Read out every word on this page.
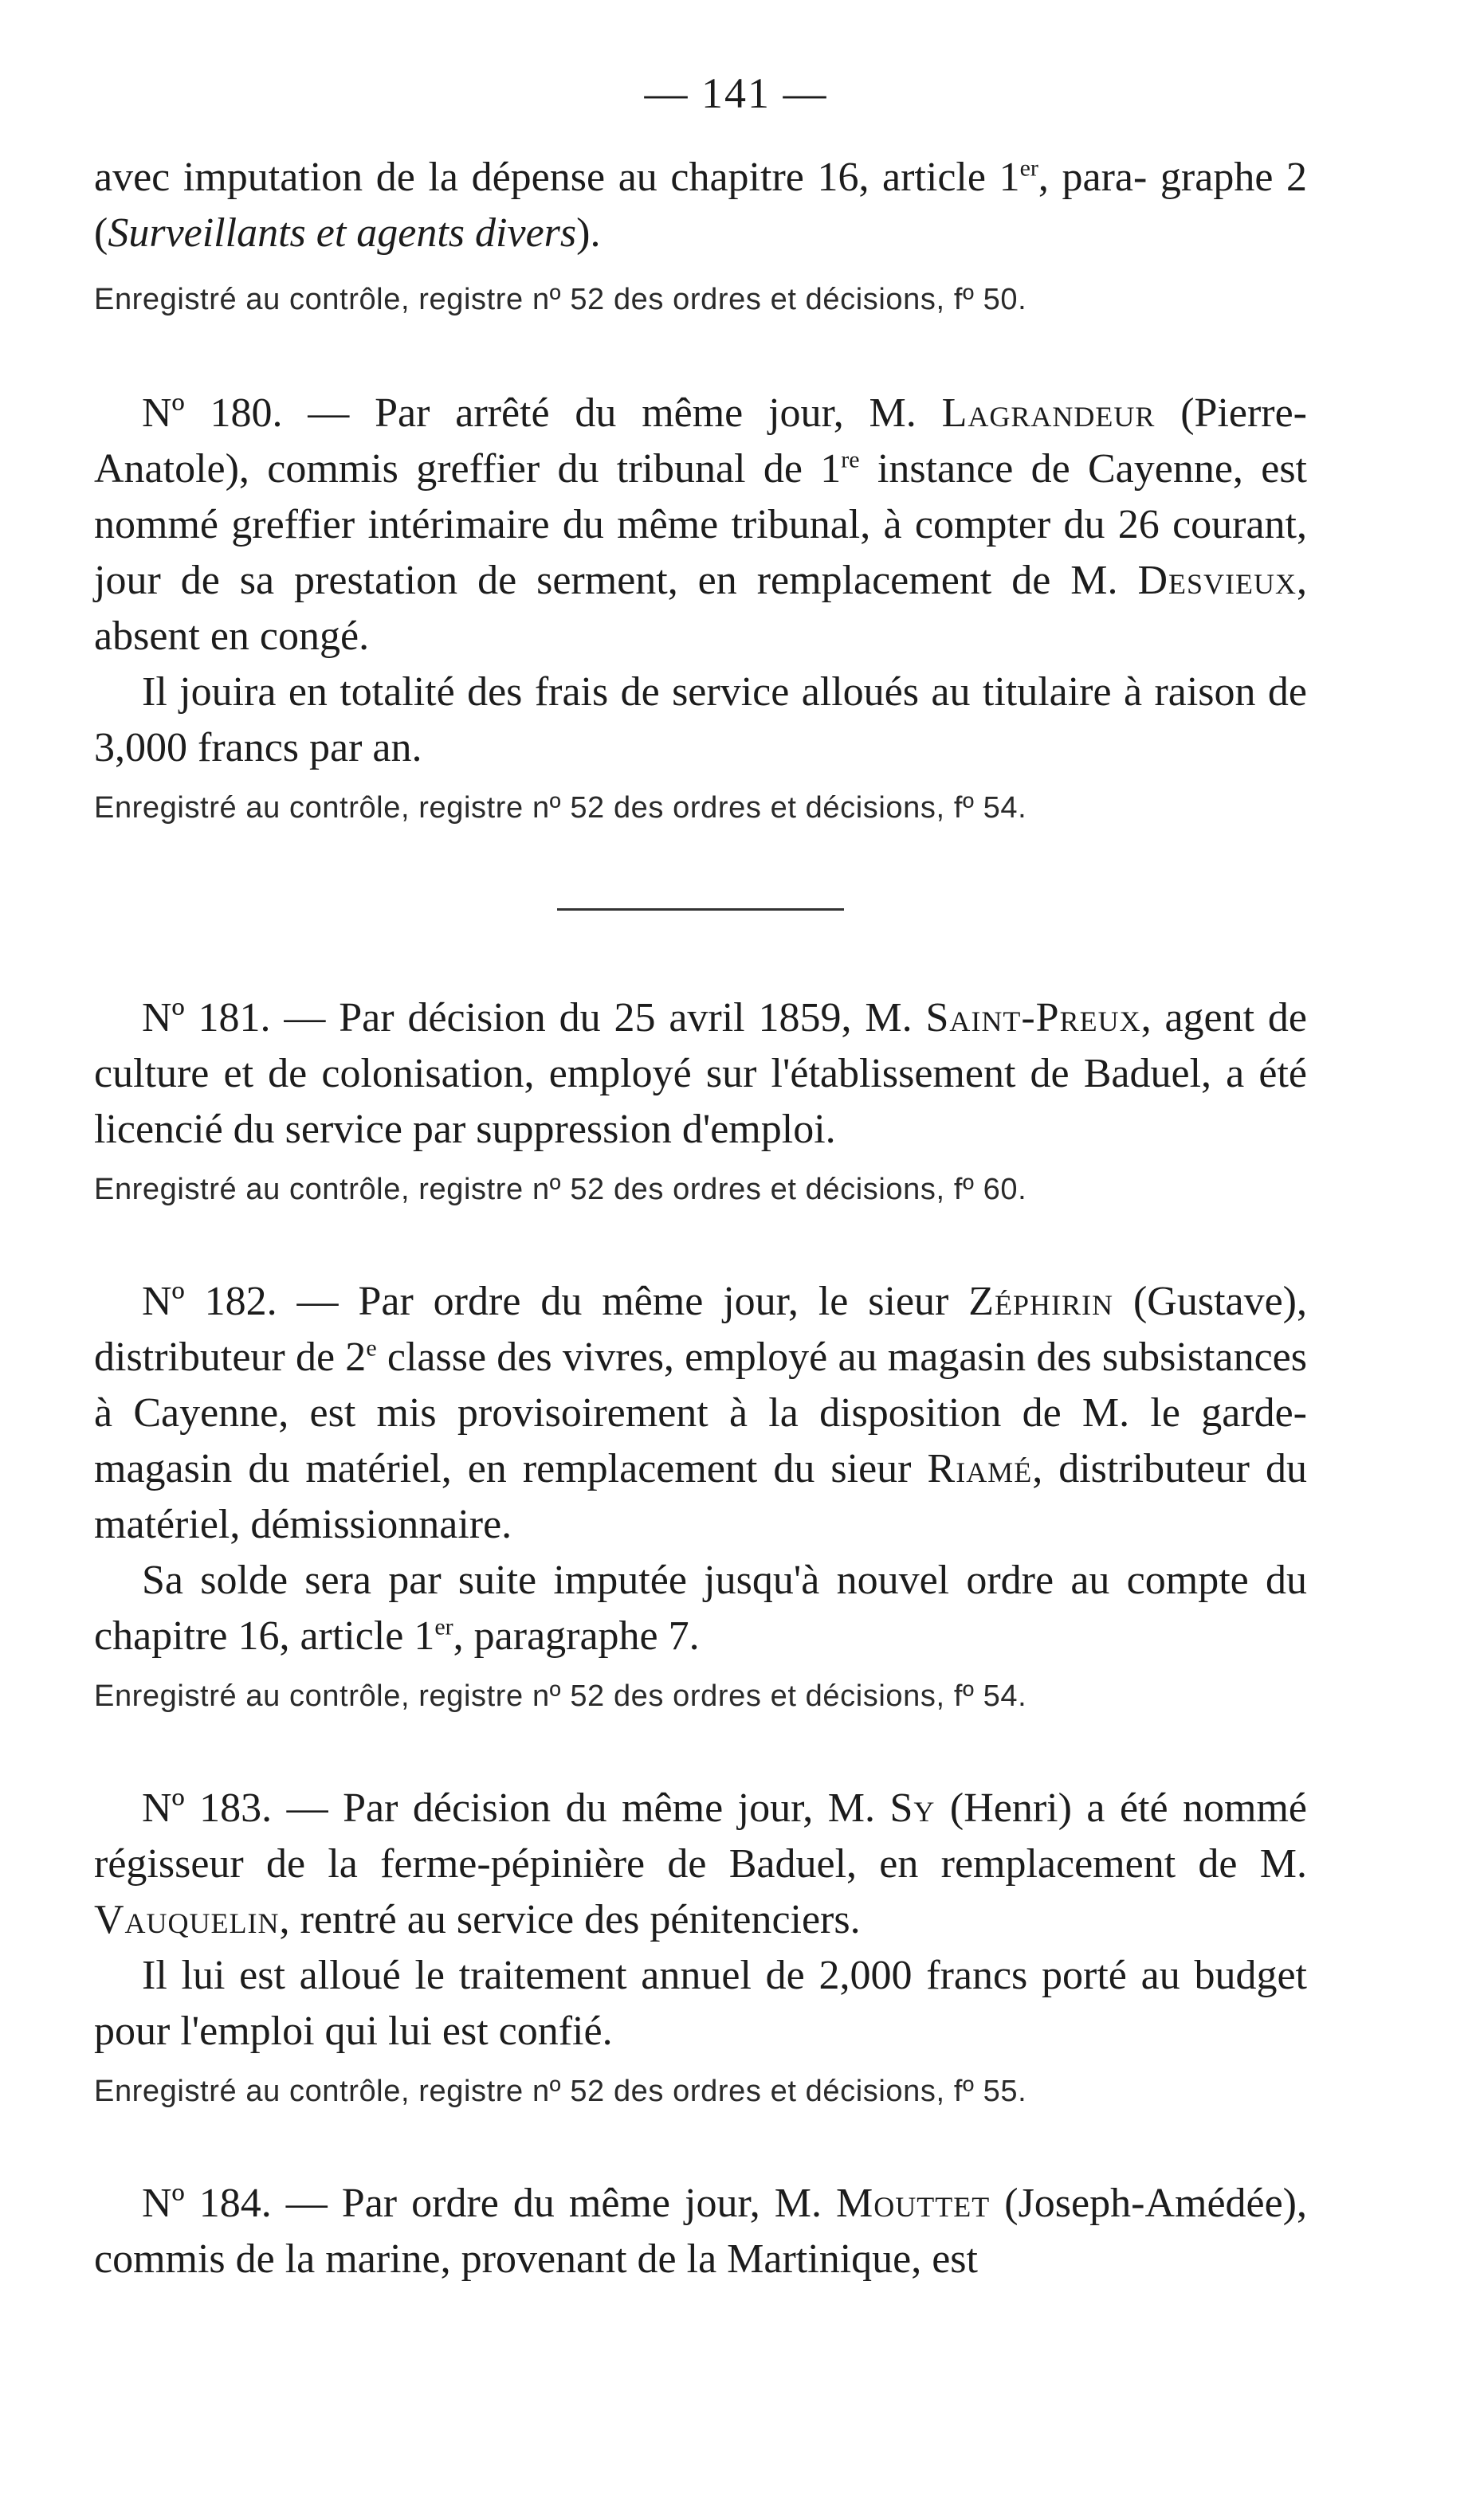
— 141 —

avec imputation de la dépense au chapitre 16, article 1er, para- graphe 2 (Surveillants et agents divers).

Enregistré au contrôle, registre nº 52 des ordres et décisions, fº 50.

Nº 180. — Par arrêté du même jour, M. Lagrandeur (Pierre-Anatole), commis greffier du tribunal de 1re instance de Cayenne, est nommé greffier intérimaire du même tribunal, à compter du 26 courant, jour de sa prestation de serment, en remplacement de M. Desvieux, absent en congé.

Il jouira en totalité des frais de service alloués au titulaire à raison de 3,000 francs par an.

Enregistré au contrôle, registre nº 52 des ordres et décisions, fº 54.

Nº 181. — Par décision du 25 avril 1859, M. Saint-Preux, agent de culture et de colonisation, employé sur l'établissement de Baduel, a été licencié du service par suppression d'emploi.

Enregistré au contrôle, registre nº 52 des ordres et décisions, fº 60.

Nº 182. — Par ordre du même jour, le sieur Zéphirin (Gustave), distributeur de 2e classe des vivres, employé au magasin des subsistances à Cayenne, est mis provisoirement à la disposition de M. le garde-magasin du matériel, en remplacement du sieur Riamé, distributeur du matériel, démissionnaire.

Sa solde sera par suite imputée jusqu'à nouvel ordre au compte du chapitre 16, article 1er, paragraphe 7.

Enregistré au contrôle, registre nº 52 des ordres et décisions, fº 54.

Nº 183. — Par décision du même jour, M. Sy (Henri) a été nommé régisseur de la ferme-pépinière de Baduel, en remplacement de M. Vauquelin, rentré au service des pénitenciers.

Il lui est alloué le traitement annuel de 2,000 francs porté au budget pour l'emploi qui lui est confié.

Enregistré au contrôle, registre nº 52 des ordres et décisions, fº 55.

Nº 184. — Par ordre du même jour, M. Mouttet (Joseph-Amédée), commis de la marine, provenant de la Martinique, est
